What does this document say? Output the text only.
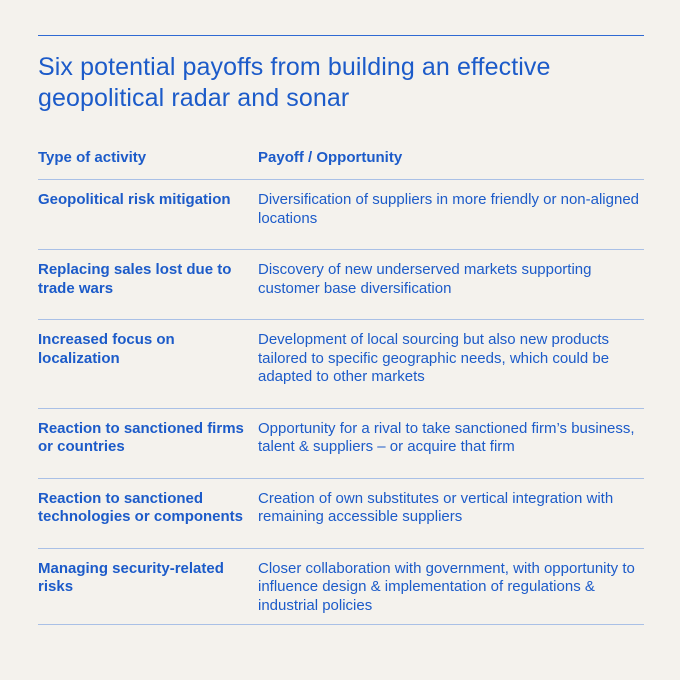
Six potential payoffs from building an effective geopolitical radar and sonar
Type of activity	Payoff / Opportunity
Geopolitical risk mitigation	Diversification of suppliers in more friendly or non-aligned locations
Replacing sales lost due to trade wars	Discovery of new underserved markets supporting customer base diversification
Increased focus on localization	Development of local sourcing but also new products tailored to specific geographic needs, which could be adapted to other markets
Reaction to sanctioned firms or countries	Opportunity for a rival to take sanctioned firm’s business, talent & suppliers – or acquire that firm
Reaction to sanctioned technologies or components	Creation of own substitutes or vertical integration with remaining accessible suppliers
Managing security-related risks	Closer collaboration with government, with opportunity to influence design & implementation of regulations & industrial policies
